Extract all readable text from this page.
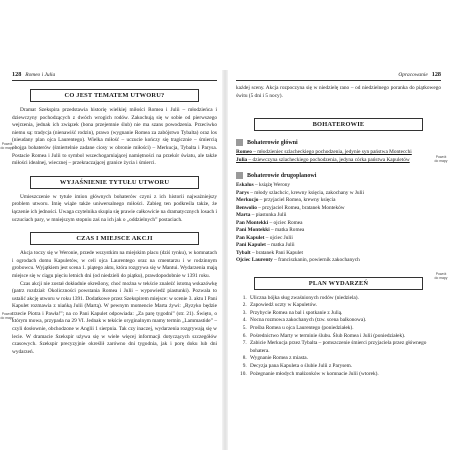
128 Romeo i Julia
CO JEST TEMATEM UTWORU?

Dramat Szekspira przedstawia historię wielkiej miłości Romea i Julii – młodzieńca i dziewczyny pochodzących z dwóch wrogich rodów. Zakochują się w sobie od pierwszego wejrzenia, jednak ich związek (bona przejemnie ślub) nie ma szans powodzenia. Przeciwko niemu są: tradycja (nienawiść rodzin), prawo (wygnanie Romea za zabójstwo Tybalta) oraz los (nieudany plan ojca Laurentego). Wielka miłość – uczucie kończy się tragicznie – śmiercią obojga bohaterów (śmiertelnie zadane ciosy w obronie miłości) – Merkucja, Tybalta i Parysa. Postacie Romea i Julii to symbol wszechogarniającej namiętności na przekór światu, ale także miłości idealnej, wiecznej – przekraczającej granice życia i śmierci.

WYJAŚNIENIE TYTUŁU UTWORU

Umieszczenie w tytule imion głównych bohaterów czyni z ich historii najważniejszy problem utworu. Imię wiąże także uniwersalnego miłości. Zabieg ten podkreśla także, że łączenie ich jedności. Uwaga czytelnika skupia się prawie całkowicie na dramatycznych losach i uczuciach pary, w mniejszym stopniu zaś na ich jak o „oddzielnych” postaciach.

CZAS I MIEJSCE AKCJI

Akcja toczy się w Weronie, przede wszystkim na miejskim placu (dziś rynku), w komnatach i ogrodach domu Kapuletów, w celi ojca Laurentego oraz na cmentarzu i w rodzinnym grobowcu. Wyjątkiem jest scena 1. piątego aktu, która rozgrywa się w Mantui. Wydarzenia mają miejsce się w ciągu pięciu letnich dni (od niedzieli do piątku), prawdopodobnie w 1391 roku.

Czas akcji nie został dokładnie określony, choć można w tekście znaleźć istotną wskazówkę (patrz rozdział: Okoliczności powstania Romea i Julii – wypowiedź piastunki). Pozwala to ustalić akcję utworu w roku 1391. Dodatkowe przez Szekspirem miejsce: w scenie 3. aktu I Pani Kapulet rozmawia z niańką Julii (Martą). W pewnym momencie Marta żywi: „Ryzyko będzie trzecie Piotra i Pawła!”; na co Pani Kapulet odpowiada: „Za parę tygodni” (str. 21). Święto, o którym mowa, przypada na 29 VI. Jednak w tekście oryginalnym mamy termin „Lammastide” – czyli dosłownie, obchodzone w Anglii 1 sierpnia. Tak czy inaczej, wydarzenia rozgrywają się w lecie. W dramacie Szekspir używa się w wiele więcej informacji dotyczących szczegółów czasowych. Szekspir precyzyjnie określił zarówno dni tygodnia, jak i porę doku lub dni wydarzeń.

Powrót do mapy
Powrót do mapy
Opracowanie 128

każdej sceny. Akcja rozpoczyna się w niedzielę rano – od niedzielnego poranka do piątkowego świtu (5 dni i 5 nocy).

BOHATEROWIE
Bohaterowie główni
Romeo – młodzieniec szlacheckiego pochodzenia, jedynie syn państwa Montecchi
Julia – dziewczyna szlacheckiego pochodzenia, jedyna córka państwa Kapuletów
Bohaterowie drugoplanowi
Eskalus – książę Werony
Parys – młody szlachcic, krewny księcia, zakochany w Julii
Merkucjo – przyjaciel Romea, krewny księcia
Benwolio – przyjaciel Romea, bratanek Monteków
Marta – piastunka Julii
Pan Montekki – ojciec Romea
Pani Montekki – matka Romea
Pan Kapulet – ojciec Julii
Pani Kapulet – matka Julii
Tybalt – bratanek Pani Kapulet
Ojciec Laurenty – franciszkanin, powiernik zakochanych
PLAN WYDARZEŃ
1. Uliczna bójka sług zwaśnionych rodów (niedziela).
2. Zapowiedź uczty w Kapuletów.
3. Przybycie Romea na bal i spotkanie z Julią.
4. Nocna rozmowa zakochanych (tzw. scena balkonowa).
5. Prośba Romea u ojca Laurentego (poniedziałek).
6. Pośrednictwo Marty w terminie ślubu. Ślub Romea i Julii (poniedziałek).
7. Zabicie Merkucja przez Tybalta – pomszczenie śmierci przyjaciela przez głównego bohatera.
8. Wygnanie Romea z miasta.
9. Decyzja pana Kapuleta o ślubie Julii z Parysem.
10. Pożegnanie młodych małżonków w komnacie Julii (wtorek).
Powrót do mapy
Powrót do mapy
